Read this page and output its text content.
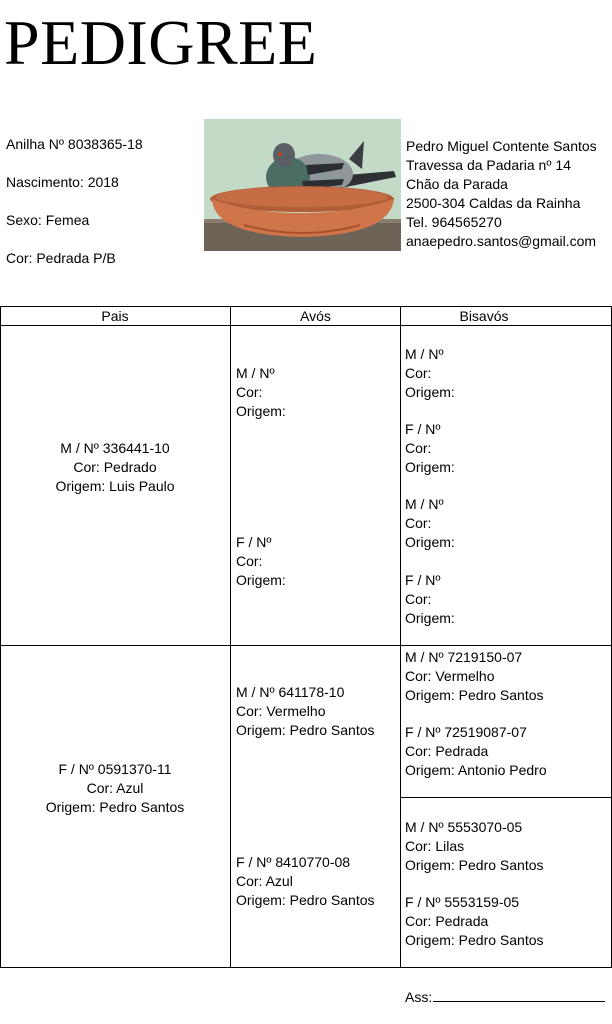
PEDIGREE
Anilha Nº 8038365-18
Nascimento: 2018
Sexo: Femea
Cor: Pedrada P/B
Pedro Miguel Contente Santos
Travessa da Padaria nº 14
Chão da Parada
2500-304 Caldas da Rainha
Tel. 964565270
anaepedro.santos@gmail.com
Pais	Avós	Bisavós
M / Nº 336441-10
Cor: Pedrado
Origem: Luis Paulo
M / Nº
Cor:
Origem:
F / Nº
Cor:
Origem:
M / Nº
Cor:
Origem:
F / Nº
Cor:
Origem:
M / Nº
Cor:
Origem:
F / Nº
Cor:
Origem:
F / Nº 0591370-11
Cor: Azul
Origem: Pedro Santos
M / Nº 641178-10
Cor: Vermelho
Origem: Pedro Santos
F / Nº 8410770-08
Cor: Azul
Origem: Pedro Santos
M / Nº 7219150-07
Cor: Vermelho
Origem: Pedro Santos
F / Nº 72519087-07
Cor: Pedrada
Origem: Antonio Pedro
M / Nº 5553070-05
Cor: Lilas
Origem: Pedro Santos
F / Nº 5553159-05
Cor: Pedrada
Origem: Pedro Santos
Ass:
